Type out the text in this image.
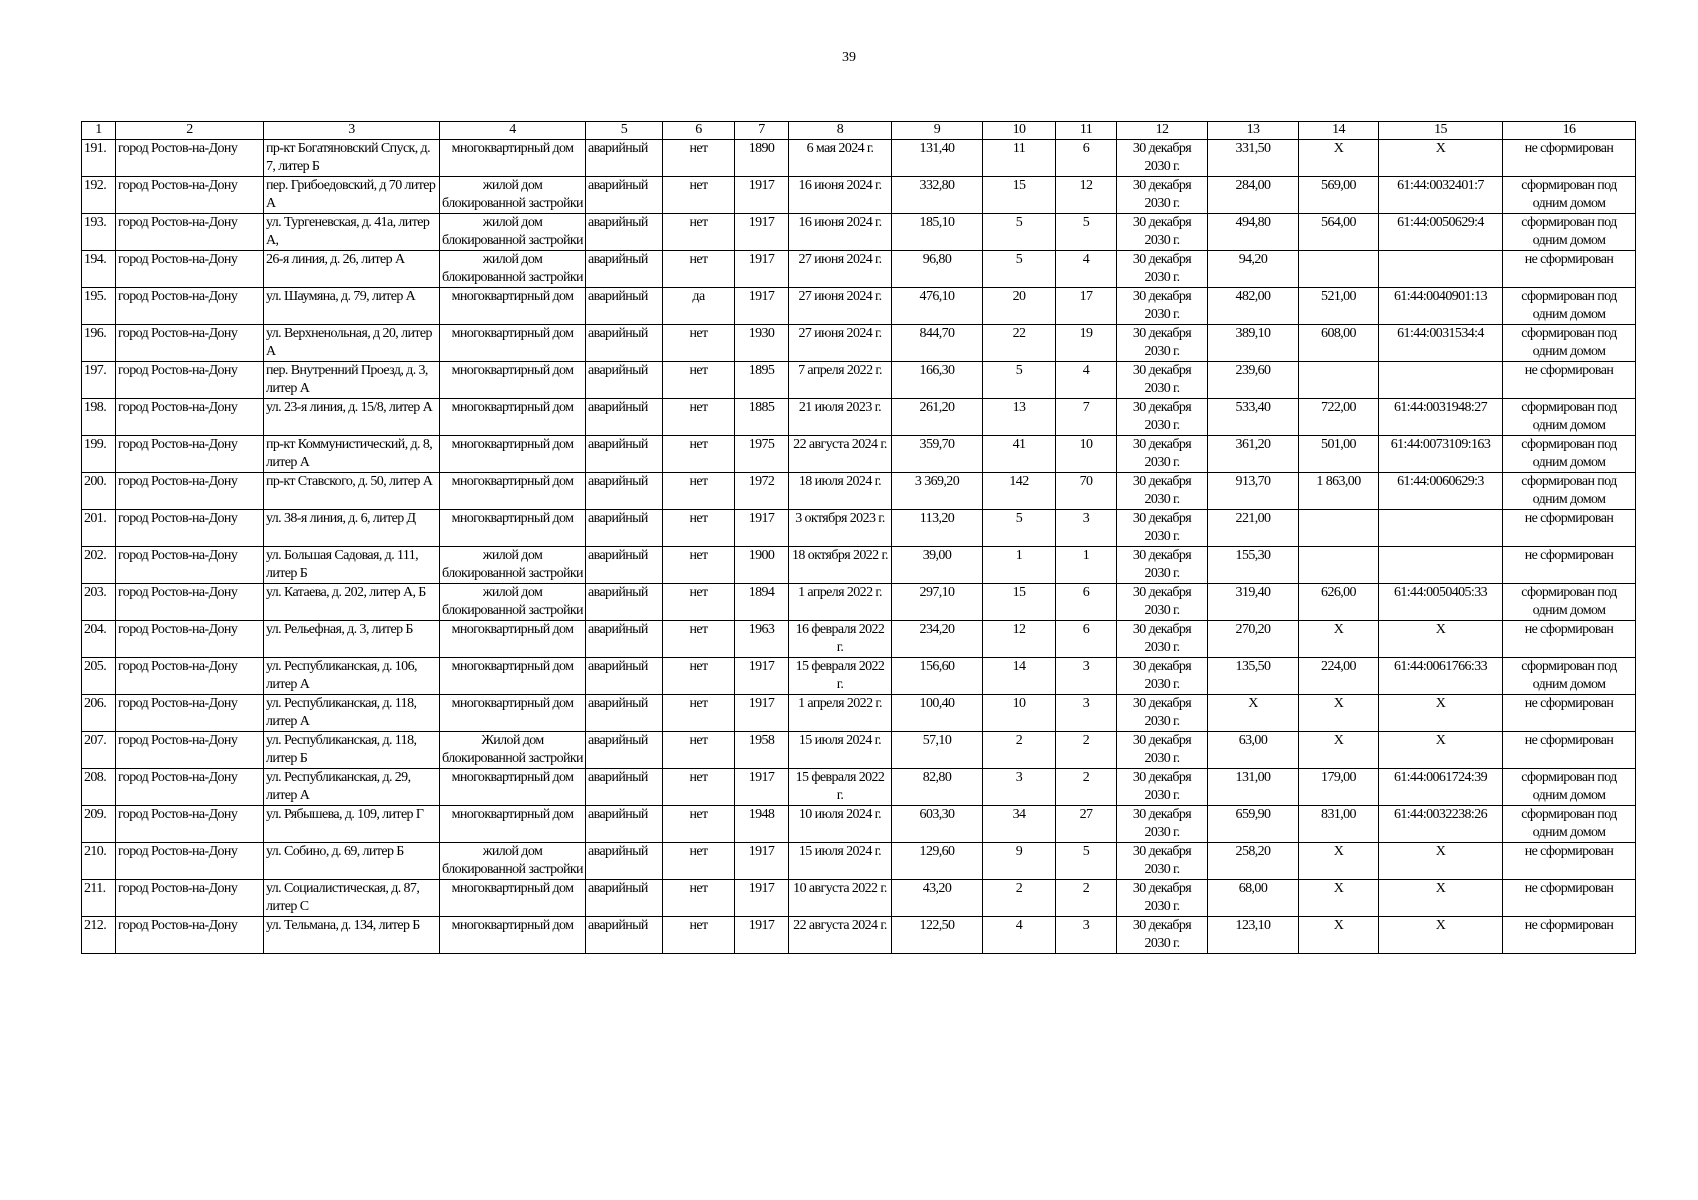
39
1	2	3	4	5	6	7	8	9	10	11	12	13	14	15	16
191.	город Ростов-на-Дону	пр-кт Богатяновский Спуск, д. 7, литер Б	многоквартирный дом	аварийный	нет	1890	6 мая 2024 г.	131,40	11	6	30 декабря 2030 г.	331,50	X	X	не сформирован
192.	город Ростов-на-Дону	пер. Грибоедовский, д 70 литер А	жилой дом блокированной застройки	аварийный	нет	1917	16 июня 2024 г.	332,80	15	12	30 декабря 2030 г.	284,00	569,00	61:44:0032401:7	сформирован под одним домом
193.	город Ростов-на-Дону	ул. Тургеневская, д. 41а, литер А,	жилой дом блокированной застройки	аварийный	нет	1917	16 июня 2024 г.	185,10	5	5	30 декабря 2030 г.	494,80	564,00	61:44:0050629:4	сформирован под одним домом
194.	город Ростов-на-Дону	26-я линия, д. 26, литер А	жилой дом блокированной застройки	аварийный	нет	1917	27 июня 2024 г.	96,80	5	4	30 декабря 2030 г.	94,20			не сформирован
195.	город Ростов-на-Дону	ул. Шаумяна, д. 79, литер А	многоквартирный дом	аварийный	да	1917	27 июня 2024 г.	476,10	20	17	30 декабря 2030 г.	482,00	521,00	61:44:0040901:13	сформирован под одним домом
196.	город Ростов-на-Дону	ул. Верхненольная, д 20, литер А	многоквартирный дом	аварийный	нет	1930	27 июня 2024 г.	844,70	22	19	30 декабря 2030 г.	389,10	608,00	61:44:0031534:4	сформирован под одним домом
197.	город Ростов-на-Дону	пер. Внутренний Проезд, д. 3, литер А	многоквартирный дом	аварийный	нет	1895	7 апреля 2022 г.	166,30	5	4	30 декабря 2030 г.	239,60			не сформирован
198.	город Ростов-на-Дону	ул. 23-я линия, д. 15/8, литер А	многоквартирный дом	аварийный	нет	1885	21 июля 2023 г.	261,20	13	7	30 декабря 2030 г.	533,40	722,00	61:44:0031948:27	сформирован под одним домом
199.	город Ростов-на-Дону	пр-кт Коммунистический, д. 8, литер А	многоквартирный дом	аварийный	нет	1975	22 августа 2024 г.	359,70	41	10	30 декабря 2030 г.	361,20	501,00	61:44:0073109:163	сформирован под одним домом
200.	город Ростов-на-Дону	пр-кт Ставского, д. 50, литер А	многоквартирный дом	аварийный	нет	1972	18 июля 2024 г.	3 369,20	142	70	30 декабря 2030 г.	913,70	1 863,00	61:44:0060629:3	сформирован под одним домом
201.	город Ростов-на-Дону	ул. 38-я линия, д. 6, литер Д	многоквартирный дом	аварийный	нет	1917	3 октября 2023 г.	113,20	5	3	30 декабря 2030 г.	221,00			не сформирован
202.	город Ростов-на-Дону	ул. Большая Садовая, д. 111, литер Б	жилой дом блокированной застройки	аварийный	нет	1900	18 октября 2022 г.	39,00	1	1	30 декабря 2030 г.	155,30			не сформирован
203.	город Ростов-на-Дону	ул. Катаева, д. 202, литер А, Б	жилой дом блокированной застройки	аварийный	нет	1894	1 апреля 2022 г.	297,10	15	6	30 декабря 2030 г.	319,40	626,00	61:44:0050405:33	сформирован под одним домом
204.	город Ростов-на-Дону	ул. Рельефная, д. 3, литер Б	многоквартирный дом	аварийный	нет	1963	16 февраля 2022 г.	234,20	12	6	30 декабря 2030 г.	270,20	X	X	не сформирован
205.	город Ростов-на-Дону	ул. Республиканская, д. 106, литер А	многоквартирный дом	аварийный	нет	1917	15 февраля 2022 г.	156,60	14	3	30 декабря 2030 г.	135,50	224,00	61:44:0061766:33	сформирован под одним домом
206.	город Ростов-на-Дону	ул. Республиканская, д. 118, литер А	многоквартирный дом	аварийный	нет	1917	1 апреля 2022 г.	100,40	10	3	30 декабря 2030 г.	X	X	X	не сформирован
207.	город Ростов-на-Дону	ул. Республиканская, д. 118, литер Б	Жилой дом блокированной застройки	аварийный	нет	1958	15 июля 2024 г.	57,10	2	2	30 декабря 2030 г.	63,00	X	X	не сформирован
208.	город Ростов-на-Дону	ул. Республиканская, д. 29, литер А	многоквартирный дом	аварийный	нет	1917	15 февраля 2022 г.	82,80	3	2	30 декабря 2030 г.	131,00	179,00	61:44:0061724:39	сформирован под одним домом
209.	город Ростов-на-Дону	ул. Рябышева, д. 109, литер Г	многоквартирный дом	аварийный	нет	1948	10 июля 2024 г.	603,30	34	27	30 декабря 2030 г.	659,90	831,00	61:44:0032238:26	сформирован под одним домом
210.	город Ростов-на-Дону	ул. Собино, д. 69, литер Б	жилой дом блокированной застройки	аварийный	нет	1917	15 июля 2024 г.	129,60	9	5	30 декабря 2030 г.	258,20	X	X	не сформирован
211.	город Ростов-на-Дону	ул. Социалистическая, д. 87, литер С	многоквартирный дом	аварийный	нет	1917	10 августа 2022 г.	43,20	2	2	30 декабря 2030 г.	68,00	X	X	не сформирован
212.	город Ростов-на-Дону	ул. Тельмана, д. 134, литер Б	многоквартирный дом	аварийный	нет	1917	22 августа 2024 г.	122,50	4	3	30 декабря 2030 г.	123,10	X	X	не сформирован
